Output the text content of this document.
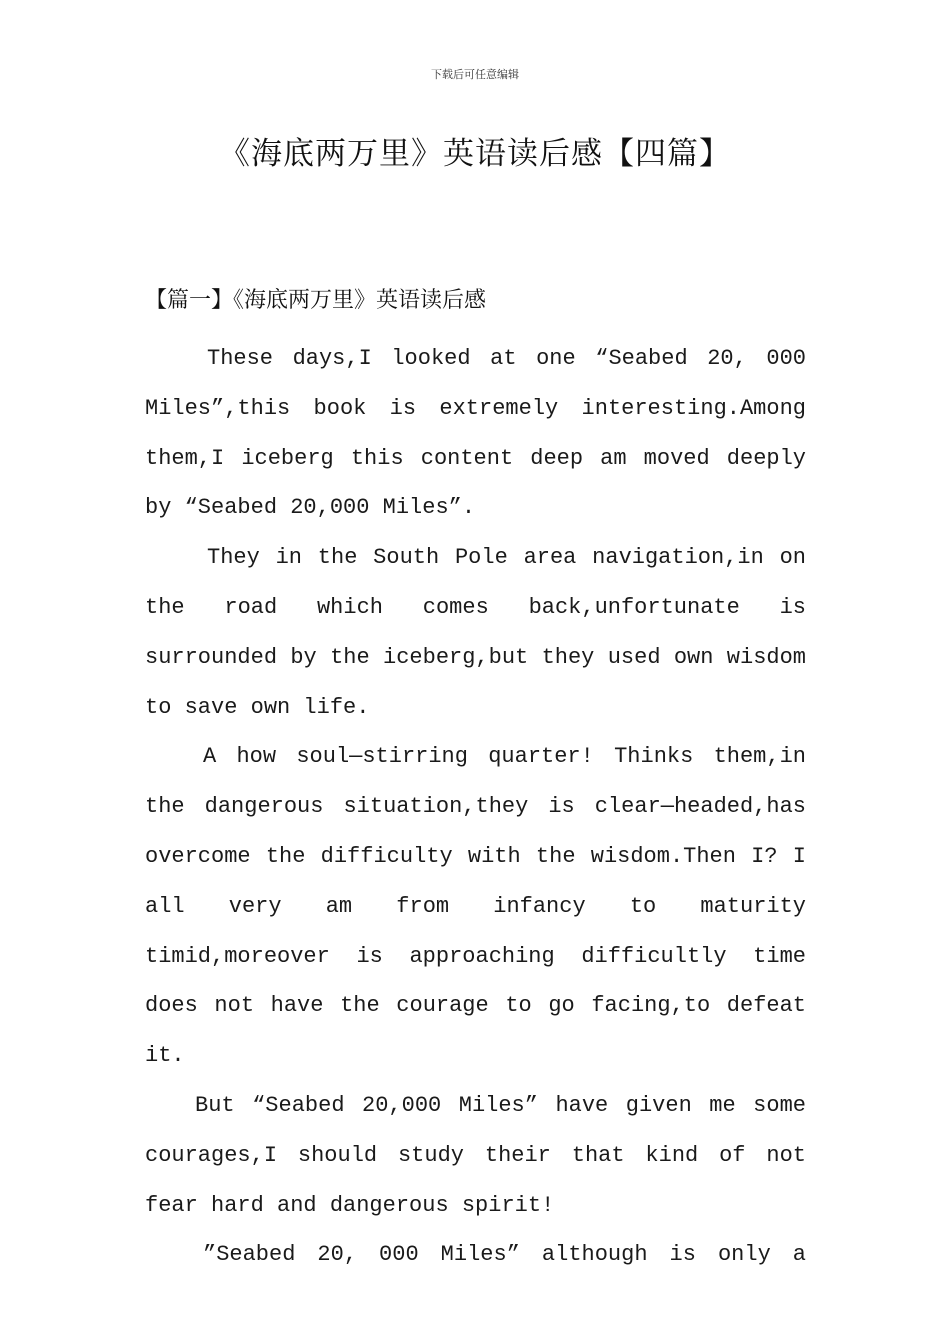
下载后可任意编辑
《海底两万里》英语读后感【四篇】
【篇一】《海底两万里》英语读后感

These days,I looked at one “Seabed 20, 000 Miles”,this book is extremely interesting.Among them,I iceberg this content deep am moved deeply by “Seabed 20,000 Miles”.

They in the South Pole area navigation,in on the road which comes back,unfortunate is surrounded by the iceberg,but they used own wisdom to save own life.

A how soul—stirring quarter! Thinks them,in the dangerous situation,they is clear—headed,has overcome the difficulty with the wisdom.Then I? I all very am from infancy to maturity timid,moreover is approaching difficultly time does not have the courage to go facing,to defeat it.

But “Seabed 20,000 Miles” have given me some courages,I should study their that kind of not fear hard and dangerous spirit!

”Seabed 20, 000 Miles” although is only a
